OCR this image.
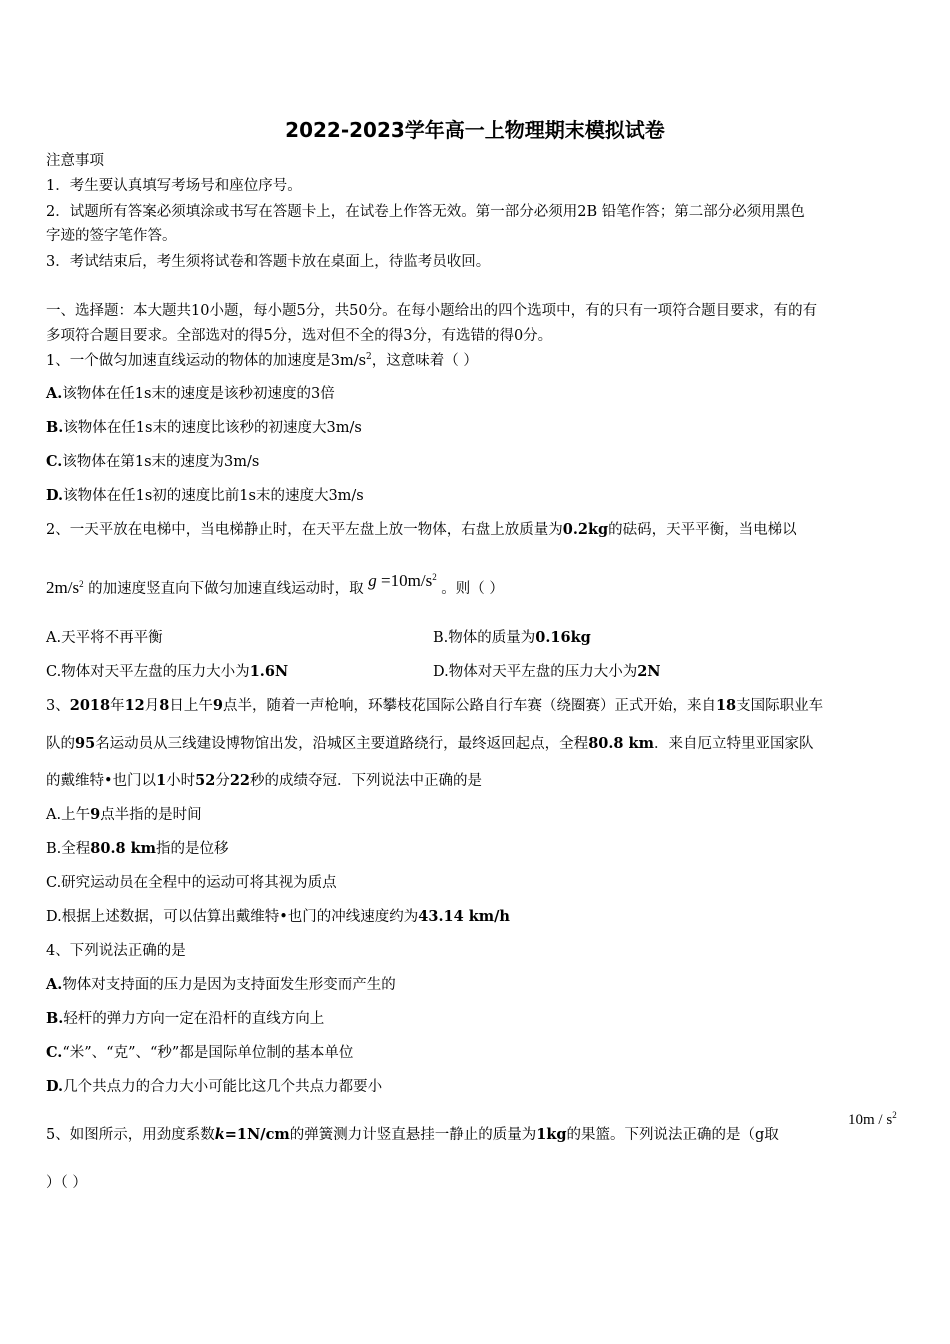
2022-2023学年高一上物理期末模拟试卷
注意事项
1．考生要认真填写考场号和座位序号。
2．试题所有答案必须填涂或书写在答题卡上，在试卷上作答无效。第一部分必须用2B 铅笔作答；第二部分必须用黑色
字迹的签字笔作答。
3．考试结束后，考生须将试卷和答题卡放在桌面上，待监考员收回。
一、选择题：本大题共10小题，每小题5分，共50分。在每小题给出的四个选项中，有的只有一项符合题目要求，有的有
多项符合题目要求。全部选对的得5分，选对但不全的得3分，有选错的得0分。
1、一个做匀加速直线运动的物体的加速度是$3m/s^2$，这意味着（ ）
A.该物体在任1s末的速度是该秒初速度的3倍
B.该物体在任1s末的速度比该秒的初速度大3m/s
C.该物体在第1s末的速度为3m/s
D.该物体在任1s初的速度比前1s末的速度大3m/s
2、一天平放在电梯中，当电梯静止时，在天平左盘上放一物体，右盘上放质量为0.2kg的砝码，天平平衡，当电梯以
$2m/s^2$ 的加速度竖直向下做匀加速直线运动时，取 $g =10m/s^2$ 。则（ ）
A.天平将不再平衡	B.物体的质量为0.16kg
C.物体对天平左盘的压力大小为1.6N	D.物体对天平左盘的压力大小为2N
3、2018年12月8日上午9点半，随着一声枪响，环攀枝花国际公路自行车赛（绕圈赛）正式开始，来自18支国际职业车
队的95名运动员从三线建设博物馆出发，沿城区主要道路绕行，最终返回起点，全程80.8 km．来自厄立特里亚国家队
的戴维特•也门以1小时52分22秒的成绩夺冠．下列说法中正确的是
A.上午9点半指的是时间
B.全程80.8 km指的是位移
C.研究运动员在全程中的运动可将其视为质点
D.根据上述数据，可以估算出戴维特•也门的冲线速度约为43.14 km/h
4、下列说法正确的是
A.物体对支持面的压力是因为支持面发生形变而产生的
B.轻杆的弹力方向一定在沿杆的直线方向上
C.“米”、“克”、“秒”都是国际单位制的基本单位
D.几个共点力的合力大小可能比这几个共点力都要小
5、如图所示，用劲度系数k=1N/cm的弹簧测力计竖直悬挂一静止的质量为1kg的果篮。下列说法正确的是（g取
$10m / s^2$
）（ ）
